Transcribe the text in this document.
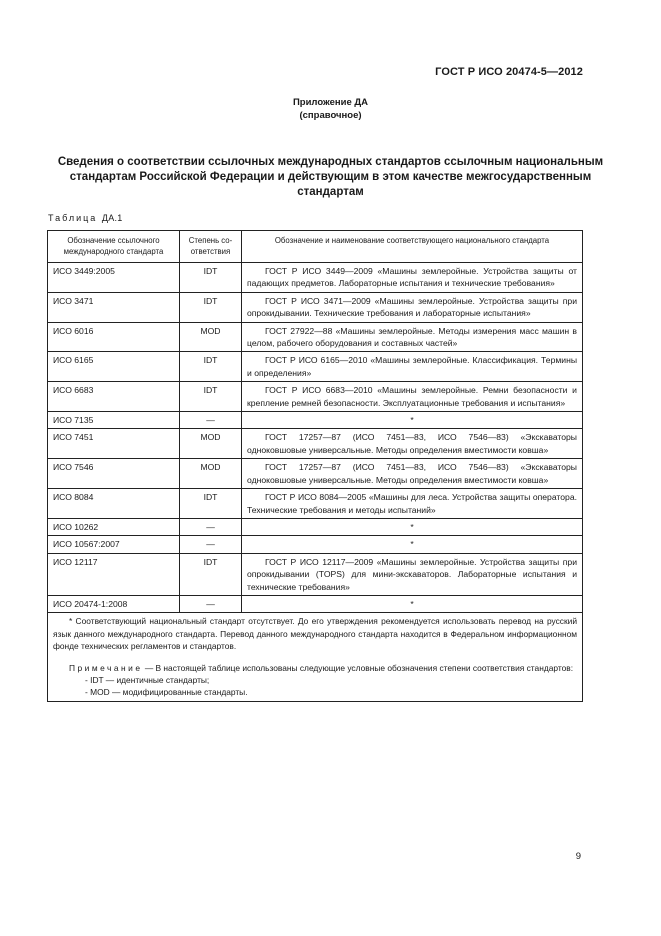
ГОСТ Р ИСО 20474-5—2012
Приложение ДА
(справочное)
Сведения о соответствии ссылочных международных стандартов ссылочным национальным стандартам Российской Федерации и действующим в этом качестве межгосударственным стандартам
Таблица ДА.1
Обозначение ссылочного международного стандарта	Степень со-ответствия	Обозначение и наименование соответствующего национального стандарта
ИСО 3449:2005	IDT	ГОСТ Р ИСО 3449—2009 «Машины землеройные. Устройства защиты от падающих предметов. Лабораторные испытания и технические требования»
ИСО 3471	IDT	ГОСТ Р ИСО 3471—2009 «Машины землеройные. Устройства защиты при опрокидывании. Технические требования и лабораторные испытания»
ИСО 6016	MOD	ГОСТ 27922—88 «Машины землеройные. Методы измерения масс машин в целом, рабочего оборудования и составных частей»
ИСО 6165	IDT	ГОСТ Р ИСО 6165—2010 «Машины землеройные. Классификация. Термины и определения»
ИСО 6683	IDT	ГОСТ Р ИСО 6683—2010 «Машины землеройные. Ремни безопасности и крепление ремней безопасности. Эксплуатационные требования и испытания»
ИСО 7135	—	*
ИСО 7451	MOD	ГОСТ 17257—87 (ИСО 7451—83, ИСО 7546—83) «Экскаваторы одноковшовые универсальные. Методы определения вместимости ковша»
ИСО 7546	MOD	ГОСТ 17257—87 (ИСО 7451—83, ИСО 7546—83) «Экскаваторы одноковшовые универсальные. Методы определения вместимости ковша»
ИСО 8084	IDT	ГОСТ Р ИСО 8084—2005 «Машины для леса. Устройства защиты оператора. Технические требования и методы испытаний»
ИСО 10262	—	*
ИСО 10567:2007	—	*
ИСО 12117	IDT	ГОСТ Р ИСО 12117—2009 «Машины землеройные. Устройства защиты при опрокидывании (TOPS) для мини-экскаваторов. Лабораторные испытания и технические требования»
ИСО 20474-1:2008	—	*

* Соответствующий национальный стандарт отсутствует. До его утверждения рекомендуется использовать перевод на русский язык данного международного стандарта. Перевод данного международного стандарта находится в Федеральном информационном фонде технических регламентов и стандартов.

Примечание — В настоящей таблице использованы следующие условные обозначения степени соответствия стандартов:

- IDT — идентичные стандарты;

- MOD — модифицированные стандарты.		

9
